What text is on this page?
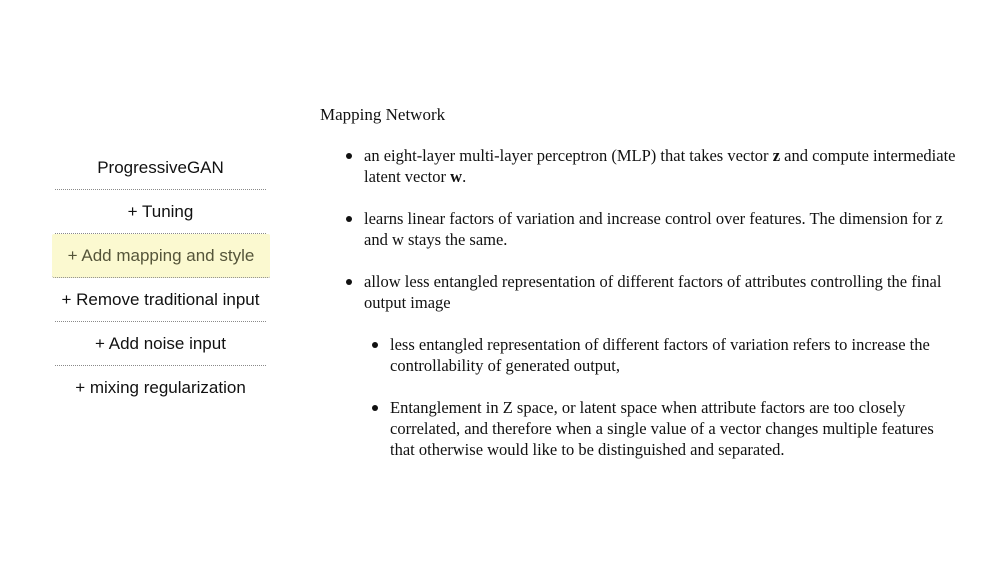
ProgressiveGAN
+ Tuning
+ Add mapping and style
+ Remove traditional input
+ Add noise input
+ mixing regularization
Mapping Network
an eight-layer multi-layer perceptron (MLP) that takes vector z and compute intermediate latent vector w.
learns linear factors of variation and increase control over features. The dimension for z and w stays the same.
allow less entangled representation of different factors of attributes controlling the final output image
less entangled representation of different factors of variation refers to increase the controllability of generated output,
Entanglement in Z space, or latent space when attribute factors are too closely correlated, and therefore when a single value of a vector changes multiple features that otherwise would like to be distinguished and separated.
